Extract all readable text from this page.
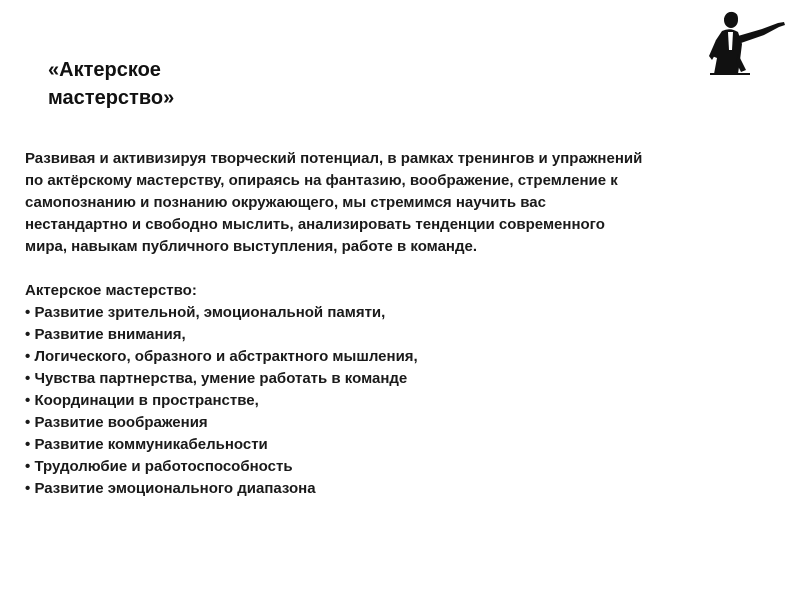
«Актерское
мастерство»
Развивая и активизируя творческий потенциал, в рамках тренингов и упражнений
по актёрскому мастерству, опираясь на фантазию, воображение, стремление к
самопознанию и познанию окружающего, мы стремимся научить вас
нестандартно и свободно мыслить, анализировать тенденции современного
мира, навыкам публичного выступления, работе в команде.
Актерское мастерство:
• Развитие зрительной, эмоциональной памяти,
• Развитие внимания,
• Логического, образного и абстрактного мышления,
• Чувства партнерства, умение работать в команде
• Координации в пространстве,
• Развитие воображения
• Развитие коммуникабельности
• Трудолюбие и работоспособность
• Развитие эмоционального диапазона
